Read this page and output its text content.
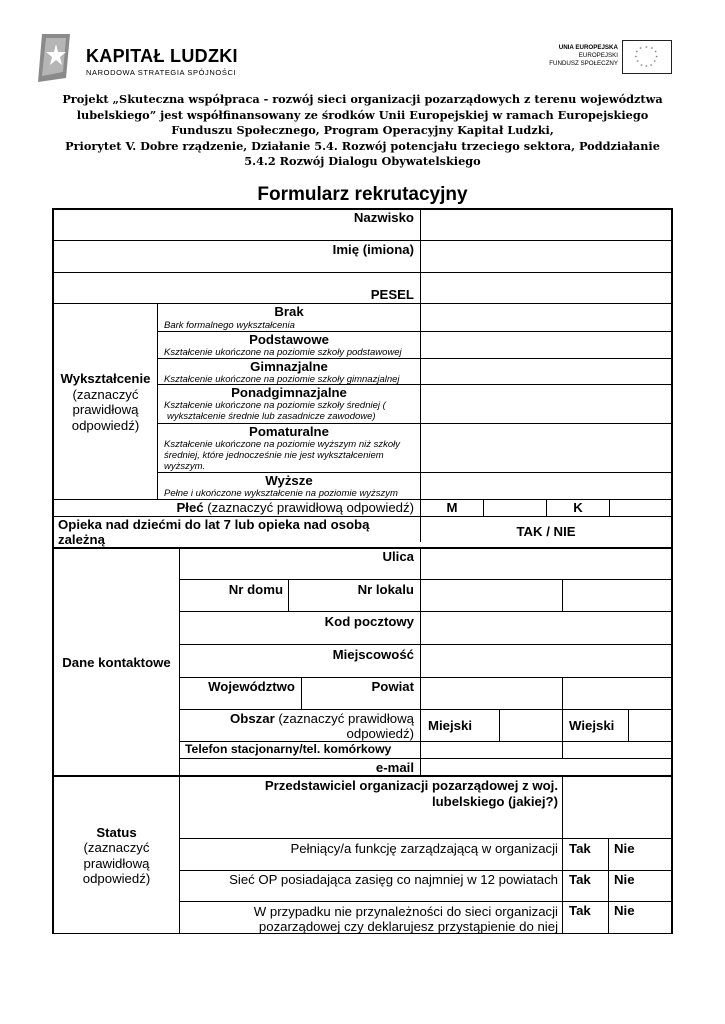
KAPITAŁ LUDZKI
NARODOWA STRATEGIA SPÓJNOŚCI
UNIA EUROPEJSKA
EUROPEJSKI
FUNDUSZ SPOŁECZNY
* *
*
*
*
*
*
*
*
*
*
*
Projekt „Skuteczna współpraca - rozwój sieci organizacji pozarządowych z terenu województwa
lubelskiego” jest współfinansowany ze środków Unii Europejskiej w ramach Europejskiego
Funduszu Społecznego, Program Operacyjny Kapitał Ludzki,
Priorytet V. Dobre rządzenie, Działanie 5.4. Rozwój potencjału trzeciego sektora, Poddziałanie
5.4.2 Rozwój Dialogu Obywatelskiego
Formularz rekrutacyjny
Nazwisko
Imię (imiona)
PESEL
Wykształcenie
(zaznaczyć
prawidłową
odpowiedź)
Brak
Bark formalnego wykształcenia
Podstawowe
Kształcenie ukończone na poziomie szkoły podstawowej
Gimnazjalne
Kształcenie ukończone na poziomie szkoły gimnazjalnej
Ponadgimnazjalne
Kształcenie ukończone na poziomie szkoły średniej (
wykształcenie średnie lub zasadnicze zawodowe)
Pomaturalne
Kształcenie ukończone na poziomie wyższym niż szkoły
średniej, które jednocześnie nie jest wykształceniem
wyższym.
Wyższe
Pełne i ukończone wykształcenie na poziomie wyższym
Płeć (zaznaczyć prawidłową odpowiedź)	M	K
Opieka nad dziećmi do lat 7 lub opieka nad osobą
zależną
TAK / NIE
Dane kontaktowe
Ulica
Nr domu	Nr lokalu
Kod pocztowy
Miejscowość
Województwo	Powiat
Obszar (zaznaczyć prawidłową
odpowiedź)
Miejski	Wiejski
Telefon stacjonarny/tel. komórkowy
e-mail
Status
(zaznaczyć
prawidłową
odpowiedź)
Przedstawiciel organizacji pozarządowej z woj.
lubelskiego (jakiej?)
Pełniący/a funkcję zarządzającą w organizacji Tak Nie
Sieć OP posiadająca zasięg co najmniej w 12 powiatach Tak Nie
W przypadku nie przynależności do sieci organizacji
pozarządowej czy deklarujesz przystąpienie do niej
Tak Nie
